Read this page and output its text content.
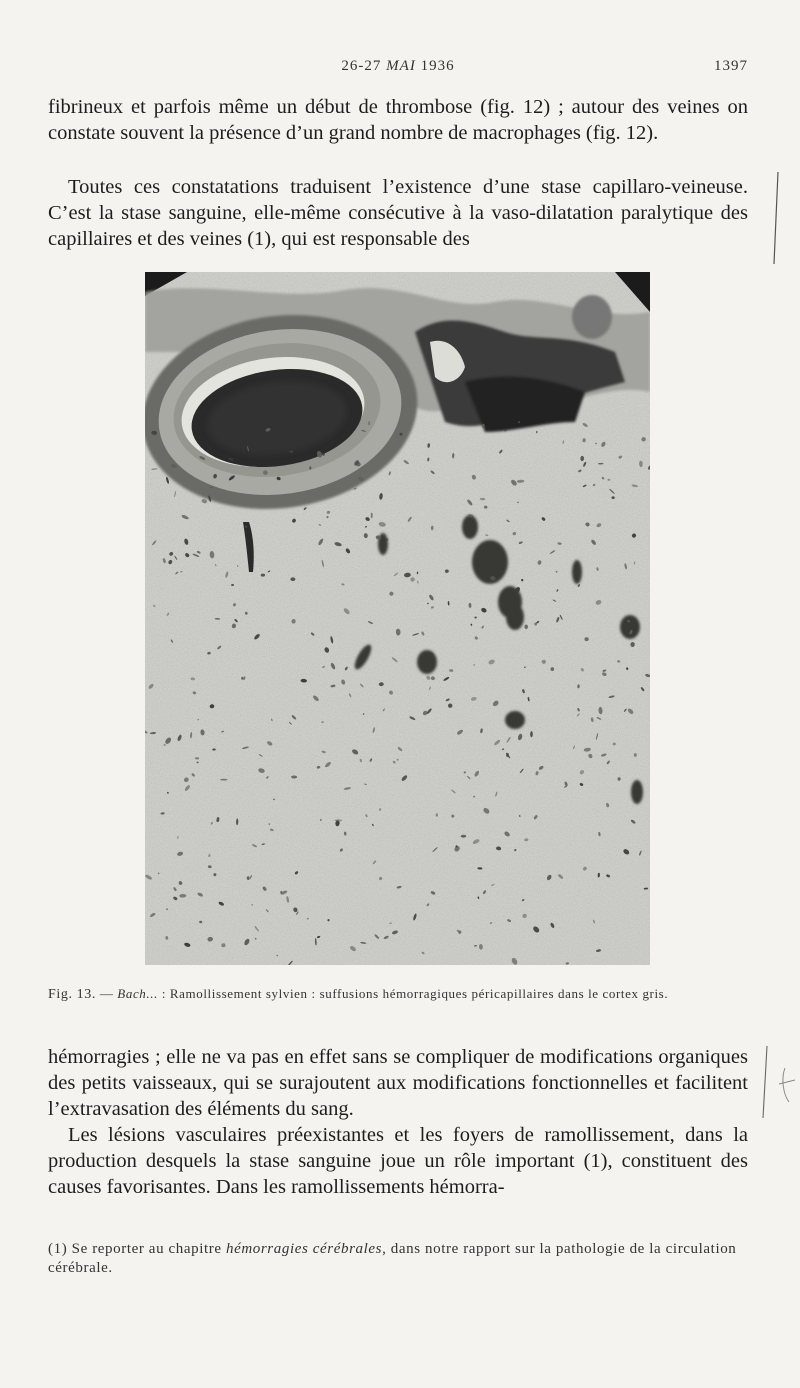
26-27 MAI 1936	1397

fibrineux et parfois même un début de thrombose (fig. 12) ; autour des veines on constate souvent la présence d’un grand nombre de macrophages (fig. 12).

Toutes ces constatations traduisent l’existence d’une stase capillaro-veineuse. C’est la stase sanguine, elle-même consécutive à la vaso-dilatation paralytique des capillaires et des veines (1), qui est responsable des

Fig. 13. — Bach... : Ramollissement sylvien : suffusions hémorragiques péricapillaires dans le cortex gris.

hémorragies ; elle ne va pas en effet sans se compliquer de modifications organiques des petits vaisseaux, qui se surajoutent aux modifications fonctionnelles et facilitent l’extravasation des éléments du sang.

Les lésions vasculaires préexistantes et les foyers de ramollissement, dans la production desquels la stase sanguine joue un rôle important (1), constituent des causes favorisantes. Dans les ramollissements hémorra-

(1) Se reporter au chapitre hémorragies cérébrales, dans notre rapport sur la pathologie de la circulation cérébrale.
